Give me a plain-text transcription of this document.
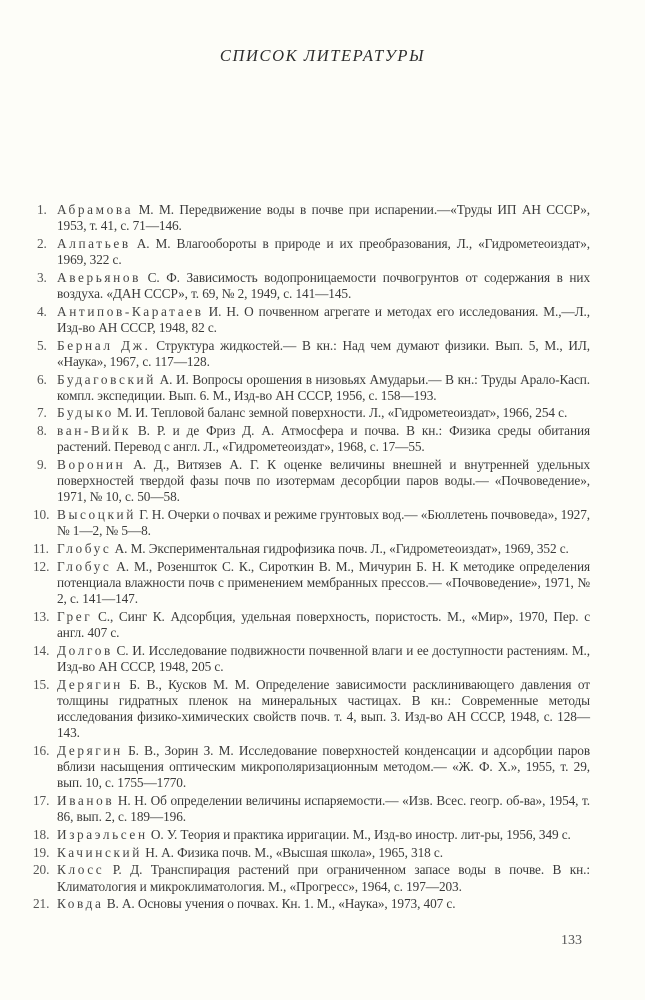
СПИСОК ЛИТЕРАТУРЫ
1. Абрамова М. М. Передвижение воды в почве при испарении.—«Труды ИП АН СССР», 1953, т. 41, с. 71—146.
2. Алпатьев А. М. Влагообороты в природе и их преобразования, Л., «Гидрометеоиздат», 1969, 322 с.
3. Аверьянов С. Ф. Зависимость водопроницаемости почвогрунтов от содержания в них воздуха. «ДАН СССР», т. 69, № 2, 1949, с. 141—145.
4. Антипов-Каратаев И. Н. О почвенном агрегате и методах его исследования. М.,—Л., Изд-во АН СССР, 1948, 82 с.
5. Бернал Дж. Структура жидкостей.— В кн.: Над чем думают физики. Вып. 5, М., ИЛ, «Наука», 1967, с. 117—128.
6. Будаговский А. И. Вопросы орошения в низовьях Амударьи.— В кн.: Труды Арало-Касп. компл. экспедиции. Вып. 6. М., Изд-во АН СССР, 1956, с. 158—193.
7. Будыко М. И. Тепловой баланс земной поверхности. Л., «Гидрометеоиздат», 1966, 254 с.
8. ван-Вийк В. Р. и де Фриз Д. А. Атмосфера и почва. В кн.: Физика среды обитания растений. Перевод с англ. Л., «Гидрометеоиздат», 1968, с. 17—55.
9. Воронин А. Д., Витязев А. Г. К оценке величины внешней и внутренней удельных поверхностей твердой фазы почв по изотермам десорбции паров воды.— «Почвоведение», 1971, № 10, с. 50—58.
10. Высоцкий Г. Н. Очерки о почвах и режиме грунтовых вод.— «Бюллетень почвоведа», 1927, № 1—2, № 5—8.
11. Глобус А. М. Экспериментальная гидрофизика почв. Л., «Гидрометеоиздат», 1969, 352 с.
12. Глобус А. М., Розеншток С. К., Сироткин В. М., Мичурин Б. Н. К методике определения потенциала влажности почв с применением мембранных прессов.— «Почвоведение», 1971, № 2, с. 141—147.
13. Грег С., Синг К. Адсорбция, удельная поверхность, пористость. М., «Мир», 1970, Пер. с англ. 407 с.
14. Долгов С. И. Исследование подвижности почвенной влаги и ее доступности растениям. М., Изд-во АН СССР, 1948, 205 с.
15. Дерягин Б. В., Кусков М. М. Определение зависимости расклинивающего давления от толщины гидратных пленок на минеральных частицах. В кн.: Современные методы исследования физико-химических свойств почв. т. 4, вып. 3. Изд-во АН СССР, 1948, с. 128—143.
16. Дерягин Б. В., Зорин З. М. Исследование поверхностей конденсации и адсорбции паров вблизи насыщения оптическим микрополяризационным методом.— «Ж. Ф. Х.», 1955, т. 29, вып. 10, с. 1755—1770.
17. Иванов Н. Н. Об определении величины испаряемости.— «Изв. Всес. геогр. об-ва», 1954, т. 86, вып. 2, с. 189—196.
18. Израэльсен О. У. Теория и практика ирригации. М., Изд-во иностр. лит-ры, 1956, 349 с.
19. Качинский Н. А. Физика почв. М., «Высшая школа», 1965, 318 с.
20. Клосс Р. Д. Транспирация растений при ограниченном запасе воды в почве. В кн.: Климатология и микроклиматология. М., «Прогресс», 1964, с. 197—203.
21. Ковда В. А. Основы учения о почвах. Кн. 1. М., «Наука», 1973, 407 с.
133
